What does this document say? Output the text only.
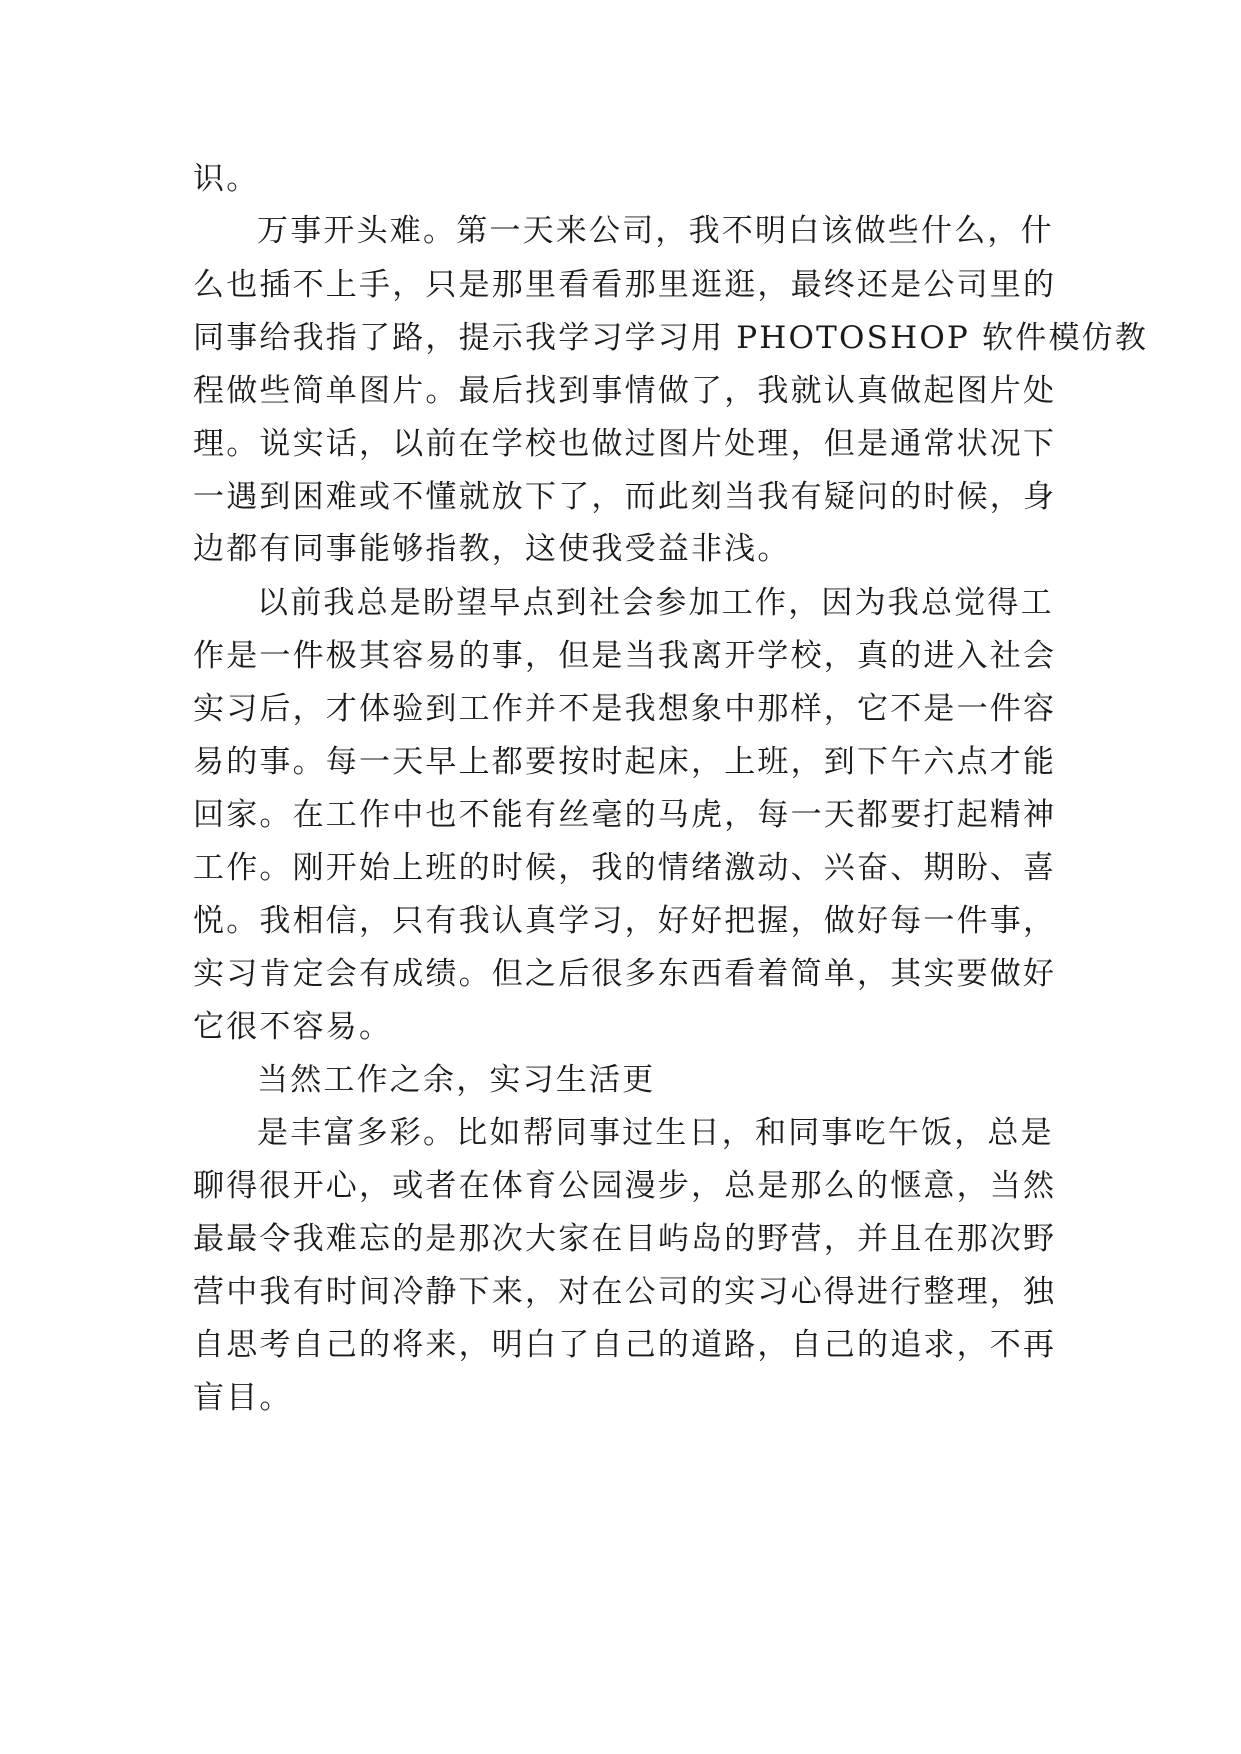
识。
万事开头难。第一天来公司，我不明白该做些什么，什
么也插不上手，只是那里看看那里逛逛，最终还是公司里的
同事给我指了路，提示我学习学习用 PHOTOSHOP 软件模仿教
程做些简单图片。最后找到事情做了，我就认真做起图片处
理。说实话，以前在学校也做过图片处理，但是通常状况下
一遇到困难或不懂就放下了，而此刻当我有疑问的时候，身
边都有同事能够指教，这使我受益非浅。
以前我总是盼望早点到社会参加工作，因为我总觉得工
作是一件极其容易的事，但是当我离开学校，真的进入社会
实习后，才体验到工作并不是我想象中那样，它不是一件容
易的事。每一天早上都要按时起床，上班，到下午六点才能
回家。在工作中也不能有丝毫的马虎，每一天都要打起精神
工作。刚开始上班的时候，我的情绪激动、兴奋、期盼、喜
悦。我相信，只有我认真学习，好好把握，做好每一件事，
实习肯定会有成绩。但之后很多东西看着简单，其实要做好
它很不容易。
当然工作之余，实习生活更
是丰富多彩。比如帮同事过生日，和同事吃午饭，总是
聊得很开心，或者在体育公园漫步，总是那么的惬意，当然
最最令我难忘的是那次大家在目屿岛的野营，并且在那次野
营中我有时间冷静下来，对在公司的实习心得进行整理，独
自思考自己的将来，明白了自己的道路，自己的追求，不再
盲目。
